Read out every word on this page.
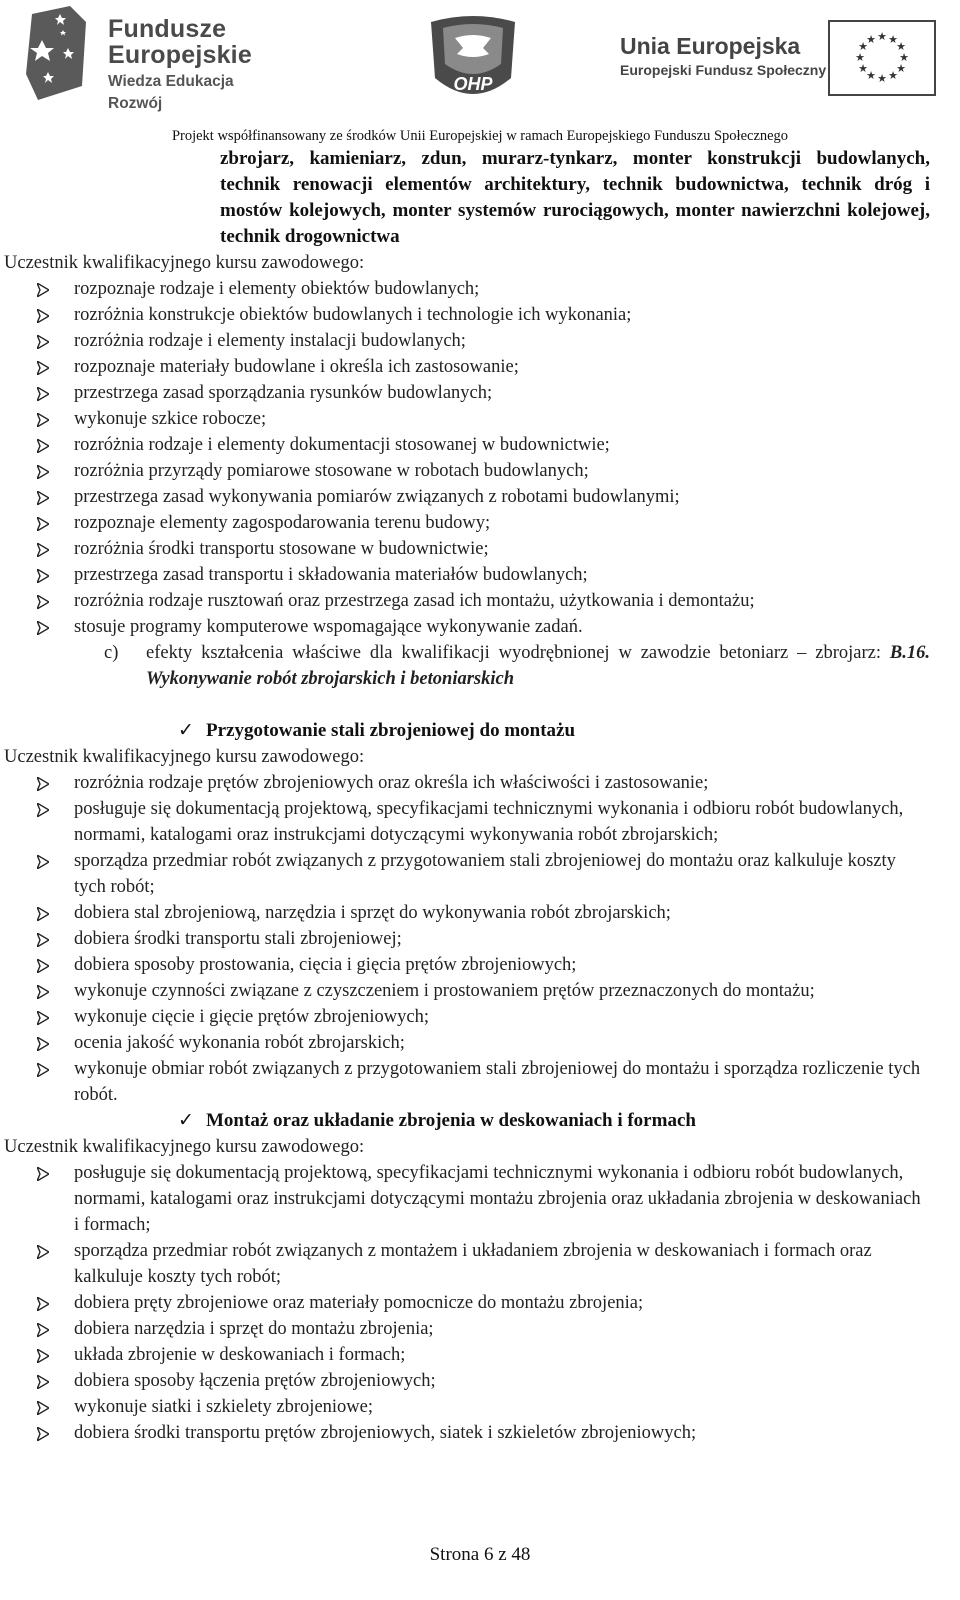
Fundusze
Europejskie
Wiedza Edukacja Rozwój
OHP
Unia Europejska
Europejski Fundusz Społeczny
★ ★
★
★
★
★
★
★
★
★
★
★
Projekt współfinansowany ze środków Unii Europejskiej w ramach Europejskiego Funduszu Społecznego
zbrojarz, kamieniarz, zdun, murarz-tynkarz, monter konstrukcji budowlanych, technik renowacji elementów architektury, technik budownictwa, technik dróg i mostów kolejowych, monter systemów rurociągowych, monter nawierzchni kolejowej, technik drogownictwa
Uczestnik kwalifikacyjnego kursu zawodowego:
rozpoznaje rodzaje i elementy obiektów budowlanych;
rozróżnia konstrukcje obiektów budowlanych i technologie ich wykonania;
rozróżnia rodzaje i elementy instalacji budowlanych;
rozpoznaje materiały budowlane i określa ich zastosowanie;
przestrzega zasad sporządzania rysunków budowlanych;
wykonuje szkice robocze;
rozróżnia rodzaje i elementy dokumentacji stosowanej w budownictwie;
rozróżnia przyrządy pomiarowe stosowane w robotach budowlanych;
przestrzega zasad wykonywania pomiarów związanych z robotami budowlanymi;
rozpoznaje elementy zagospodarowania terenu budowy;
rozróżnia środki transportu stosowane w budownictwie;
przestrzega zasad transportu i składowania materiałów budowlanych;
rozróżnia rodzaje rusztowań oraz przestrzega zasad ich montażu, użytkowania i demontażu;
stosuje programy komputerowe wspomagające wykonywanie zadań.
c)	efekty kształcenia właściwe dla kwalifikacji wyodrębnionej w zawodzie betoniarz – zbrojarz: B.16. Wykonywanie robót zbrojarskich i betoniarskich
✓ Przygotowanie stali zbrojeniowej do montażu
Uczestnik kwalifikacyjnego kursu zawodowego:
rozróżnia rodzaje prętów zbrojeniowych oraz określa ich właściwości i zastosowanie;
posługuje się dokumentacją projektową, specyfikacjami technicznymi wykonania i odbioru robót budowlanych, normami, katalogami oraz instrukcjami dotyczącymi wykonywania robót zbrojarskich;
sporządza przedmiar robót związanych z przygotowaniem stali zbrojeniowej do montażu oraz kalkuluje koszty tych robót;
dobiera stal zbrojeniową, narzędzia i sprzęt do wykonywania robót zbrojarskich;
dobiera środki transportu stali zbrojeniowej;
dobiera sposoby prostowania, cięcia i gięcia prętów zbrojeniowych;
wykonuje czynności związane z czyszczeniem i prostowaniem prętów przeznaczonych do montażu;
wykonuje cięcie i gięcie prętów zbrojeniowych;
ocenia jakość wykonania robót zbrojarskich;
wykonuje obmiar robót związanych z przygotowaniem stali zbrojeniowej do montażu i sporządza rozliczenie tych robót.
✓ Montaż oraz układanie zbrojenia w deskowaniach i formach
Uczestnik kwalifikacyjnego kursu zawodowego:
posługuje się dokumentacją projektową, specyfikacjami technicznymi wykonania i odbioru robót budowlanych, normami, katalogami oraz instrukcjami dotyczącymi montażu zbrojenia oraz układania zbrojenia w deskowaniach i formach;
sporządza przedmiar robót związanych z montażem i układaniem zbrojenia w deskowaniach i formach oraz kalkuluje koszty tych robót;
dobiera pręty zbrojeniowe oraz materiały pomocnicze do montażu zbrojenia;
dobiera narzędzia i sprzęt do montażu zbrojenia;
układa zbrojenie w deskowaniach i formach;
dobiera sposoby łączenia prętów zbrojeniowych;
wykonuje siatki i szkielety zbrojeniowe;
dobiera środki transportu prętów zbrojeniowych, siatek i szkieletów zbrojeniowych;
Strona 6 z 48
